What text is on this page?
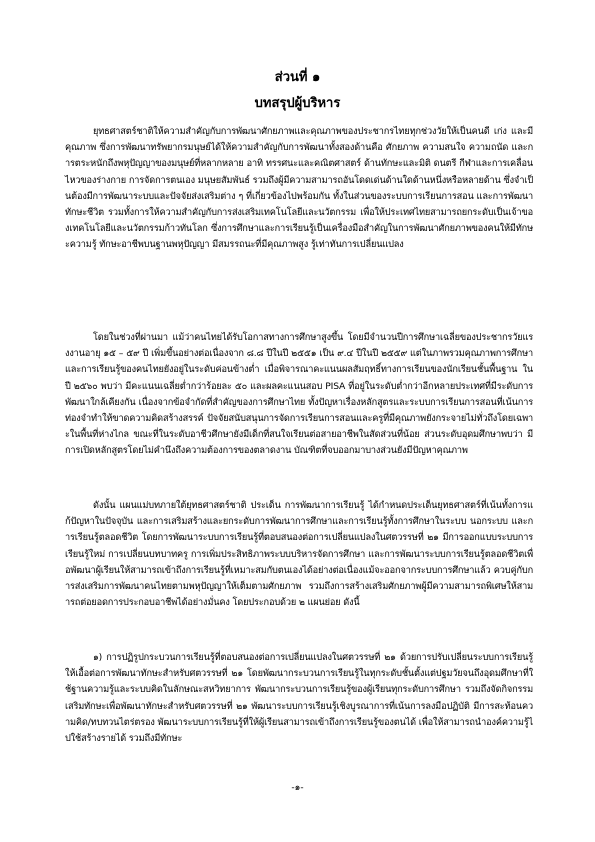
ส่วนที่ ๑
บทสรุปผู้บริหาร
ยุทธศาสตร์ชาติให้ความสำคัญกับการพัฒนาศักยภาพและคุณภาพของประชากรไทยทุกช่วงวัยให้เป็นคนดี เก่ง และมีคุณภาพ ซึ่งการพัฒนาทรัพยากรมนุษย์ได้ให้ความสำคัญกับการพัฒนาทั้งสองด้านคือ ศักยภาพ ความสนใจ ความถนัด และการตระหนักถึงพหุปัญญาของมนุษย์ที่หลากหลาย อาทิ ทรรศนะและคณิตศาสตร์ ด้านทักษะและมิติ ดนตรี กีฬาและการเคลื่อนไหวของร่างกาย การจัดการตนเอง มนุษยสัมพันธ์ รวมถึงผู้มีความสามารถอันโดดเด่นด้านใดด้านหนึ่งหรือหลายด้าน ซึ่งจำเป็นต้องมีการพัฒนาระบบและปัจจัยส่งเสริมต่าง ๆ ที่เกี่ยวข้องไปพร้อมกัน ทั้งในส่วนของระบบการเรียนการสอน และการพัฒนาทักษะชีวิต รวมทั้งการให้ความสำคัญกับการส่งเสริมเทคโนโลยีและนวัตกรรม เพื่อให้ประเทศไทยสามารถยกระดับเป็นเจ้าของเทคโนโลยีและนวัตกรรมก้าวทันโลก ซึ่งการศึกษาและการเรียนรู้เป็นเครื่องมือสำคัญในการพัฒนาศักยภาพของคนให้มีทักษะความรู้ ทักษะอาชีพบนฐานพหุปัญญา มีสมรรถนะที่มีคุณภาพสูง รู้เท่าทันการเปลี่ยนแปลง
โดยในช่วงที่ผ่านมา แม้ว่าคนไทยได้รับโอกาสทางการศึกษาสูงขึ้น โดยมีจำนวนปีการศึกษาเฉลี่ยของประชากรวัยแรงงานอายุ ๑๕ – ๕๙ ปี เพิ่มขึ้นอย่างต่อเนื่องจาก ๘.๘ ปีในปี ๒๕๕๑ เป็น ๙.๔ ปีในปี ๒๕๕๙ แต่ในภาพรวมคุณภาพการศึกษาและการเรียนรู้ของคนไทยยังอยู่ในระดับค่อนข้างต่ำ เมื่อพิจารณาคะแนนผลสัมฤทธิ์ทางการเรียนของนักเรียนชั้นพื้นฐาน ในปี ๒๕๖๐ พบว่า มีคะแนนเฉลี่ยต่ำกว่าร้อยละ ๕๐ และผลคะแนนสอบ PISA ที่อยู่ในระดับต่ำกว่าอีกหลายประเทศที่มีระดับการพัฒนาใกล้เคียงกัน เนื่องจากข้อจำกัดที่สำคัญของการศึกษาไทย ทั้งปัญหาเรื่องหลักสูตรและระบบการเรียนการสอนที่เน้นการท่องจำทำให้ขาดความคิดสร้างสรรค์ ปัจจัยสนับสนุนการจัดการเรียนการสอนและครูที่มีคุณภาพยังกระจายไม่ทั่วถึงโดยเฉพาะในพื้นที่ห่างไกล ขณะที่ในระดับอาชีวศึกษายังมีเด็กที่สนใจเรียนต่อสายอาชีพในสัดส่วนที่น้อย ส่วนระดับอุดมศึกษาพบว่า มีการเปิดหลักสูตรโดยไม่คำนึงถึงความต้องการของตลาดงาน บัณฑิตที่จบออกมาบางส่วนยังมีปัญหาคุณภาพ
ดังนั้น แผนแม่บทภายใต้ยุทธศาสตร์ชาติ ประเด็น การพัฒนาการเรียนรู้ ได้กำหนดประเด็นยุทธศาสตร์ที่เน้นทั้งการแก้ปัญหาในปัจจุบัน และการเสริมสร้างและยกระดับการพัฒนาการศึกษาและการเรียนรู้ทั้งการศึกษาในระบบ นอกระบบ และการเรียนรู้ตลอดชีวิต โดยการพัฒนาระบบการเรียนรู้ที่ตอบสนองต่อการเปลี่ยนแปลงในศตวรรษที่ ๒๑ มีการออกแบบระบบการเรียนรู้ใหม่ การเปลี่ยนบทบาทครู การเพิ่มประสิทธิภาพระบบบริหารจัดการศึกษา และการพัฒนาระบบการเรียนรู้ตลอดชีวิตเพื่อพัฒนาผู้เรียนให้สามารถเข้าถึงการเรียนรู้ที่เหมาะสมกับตนเองได้อย่างต่อเนื่องแม้จะออกจากระบบการศึกษาแล้ว ควบคู่กับการส่งเสริมการพัฒนาคนไทยตามพหุปัญญาให้เต็มตามศักยภาพ รวมถึงการสร้างเสริมศักยภาพผู้มีความสามารถพิเศษให้สามารถต่อยอดการประกอบอาชีพได้อย่างมั่นคง โดยประกอบด้วย ๒ แผนย่อย ดังนี้
๑) การปฏิรูปกระบวนการเรียนรู้ที่ตอบสนองต่อการเปลี่ยนแปลงในศตวรรษที่ ๒๑ ด้วยการปรับเปลี่ยนระบบการเรียนรู้ให้เอื้อต่อการพัฒนาทักษะสำหรับศตวรรษที่ ๒๑ โดยพัฒนากระบวนการเรียนรู้ในทุกระดับชั้นตั้งแต่ปฐมวัยจนถึงอุดมศึกษาที่ใช้ฐานความรู้และระบบคิดในลักษณะสหวิทยาการ พัฒนากระบวนการเรียนรู้ของผู้เรียนทุกระดับการศึกษา รวมถึงจัดกิจกรรมเสริมทักษะเพื่อพัฒนาทักษะสำหรับศตวรรษที่ ๒๑ พัฒนาระบบการเรียนรู้เชิงบูรณาการที่เน้นการลงมือปฏิบัติ มีการสะท้อนความคิด/ทบทวนไตร่ตรอง พัฒนาระบบการเรียนรู้ที่ให้ผู้เรียนสามารถเข้าถึงการเรียนรู้ของตนได้ เพื่อให้สามารถนำองค์ความรู้ไปใช้สร้างรายได้ รวมถึงมีทักษะ
-๑-
